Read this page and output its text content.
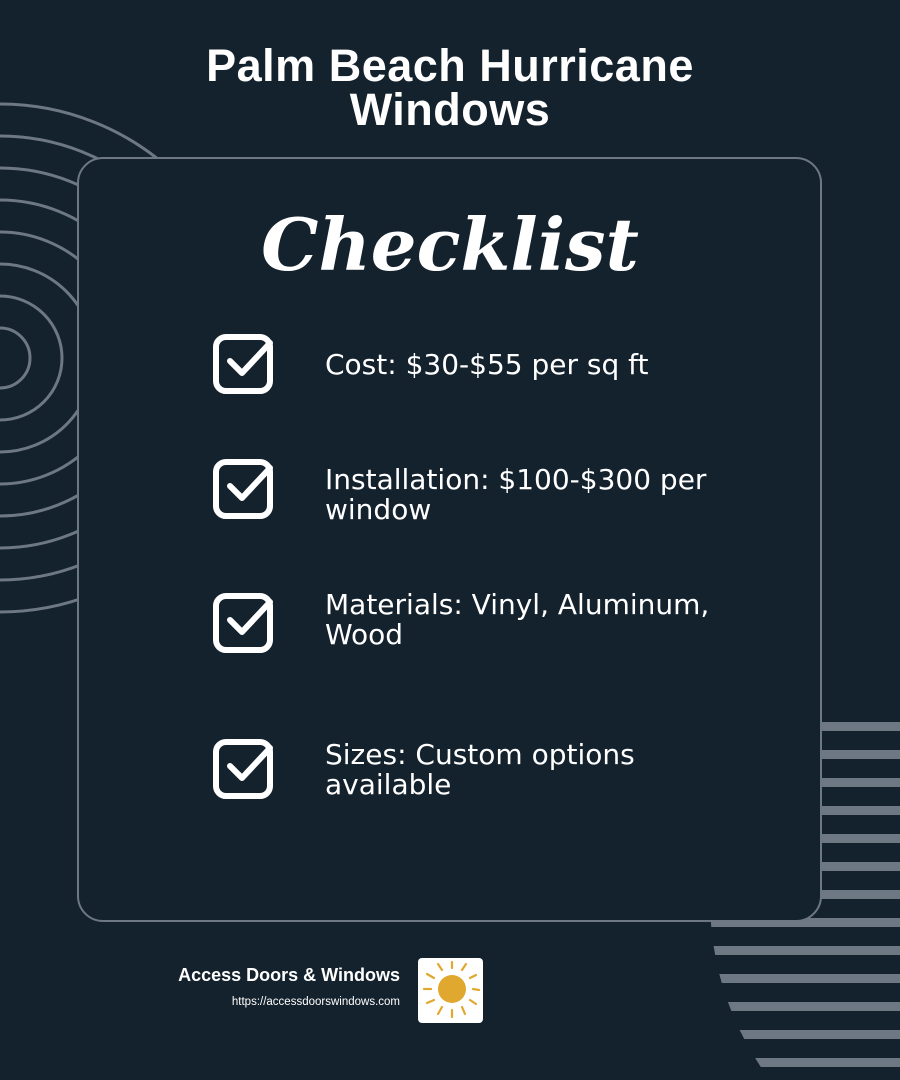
Palm Beach Hurricane
Windows
Checklist
Cost: $30-$55 per sq ft
Installation: $100-$300 per window
Materials: Vinyl, Aluminum, Wood
Sizes: Custom options available
Access Doors & Windows
https://accessdoorswindows.com
